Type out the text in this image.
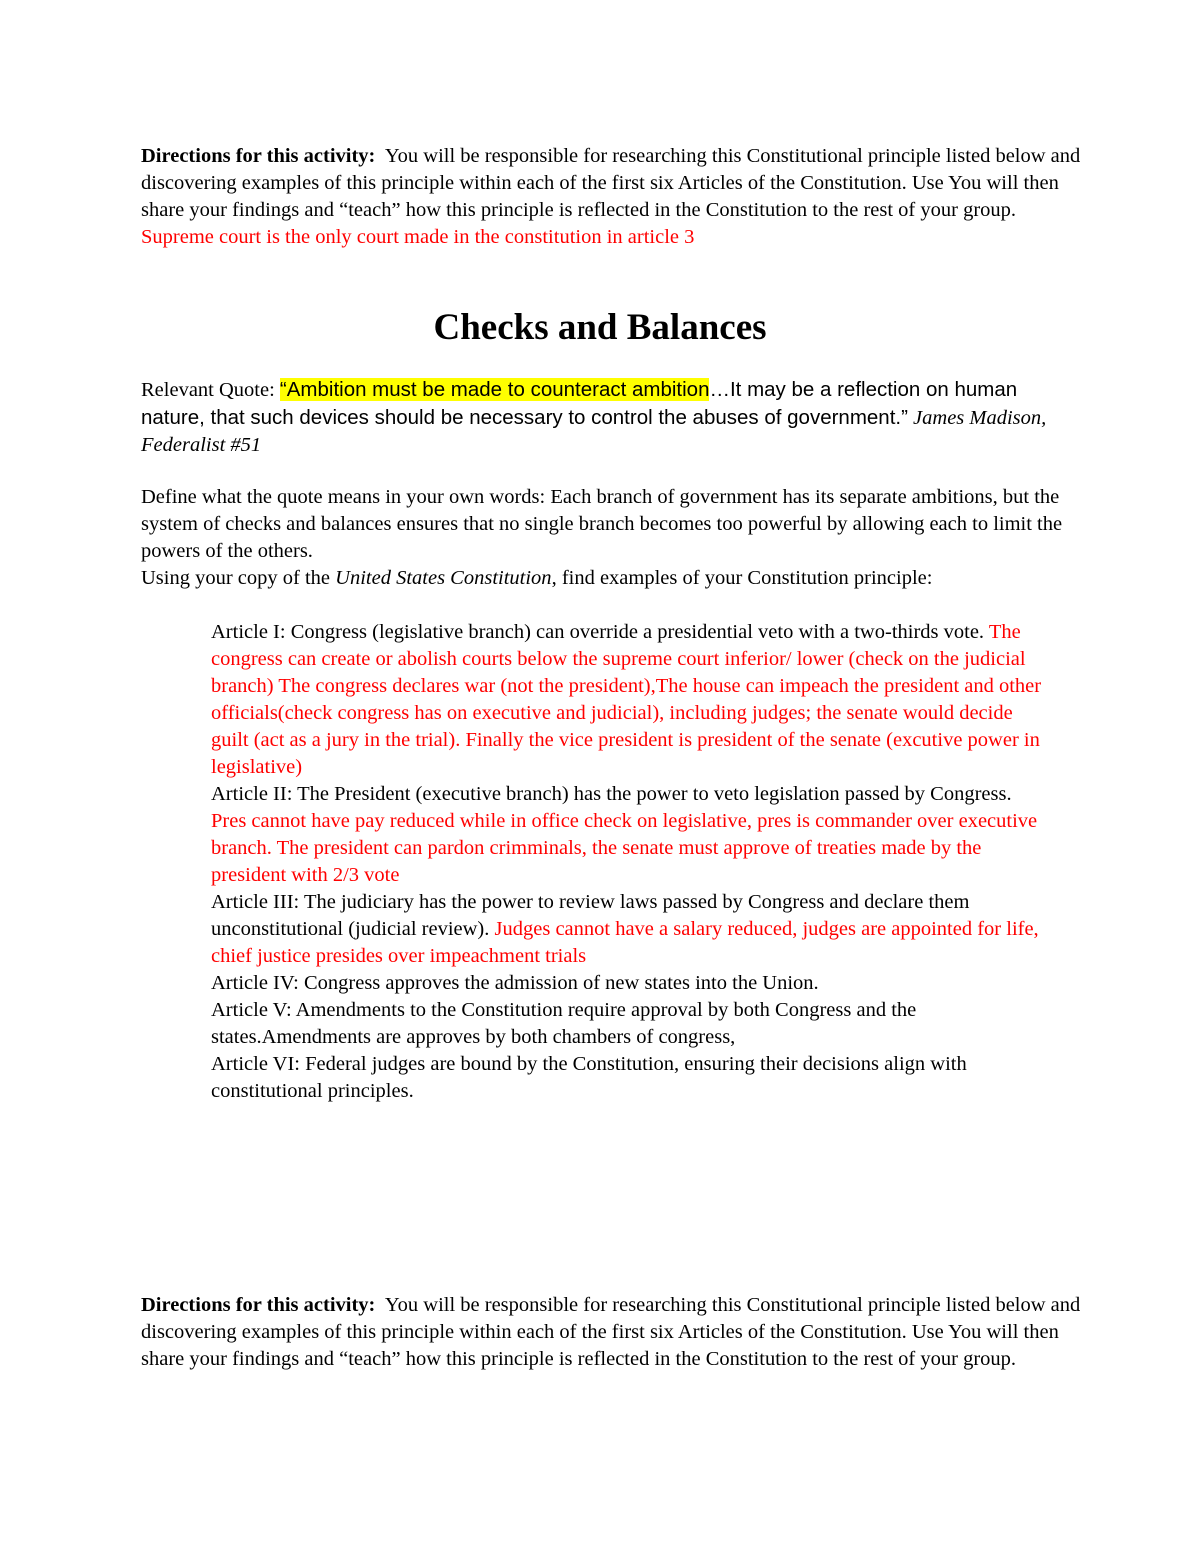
Directions for this activity: You will be responsible for researching this Constitutional principle listed below and discovering examples of this principle within each of the first six Articles of the Constitution. Use You will then share your findings and “teach” how this principle is reflected in the Constitution to the rest of your group.

Supreme court is the only court made in the constitution in article 3

Checks and Balances

Relevant Quote: “Ambition must be made to counteract ambition…It may be a reflection on human nature, that such devices should be necessary to control the abuses of government.” James Madison, Federalist #51

Define what the quote means in your own words: Each branch of government has its separate ambitions, but the system of checks and balances ensures that no single branch becomes too powerful by allowing each to limit the powers of the others.

Using your copy of the United States Constitution, find examples of your Constitution principle:

Article I: Congress (legislative branch) can override a presidential veto with a two-thirds vote. The congress can create or abolish courts below the supreme court inferior/ lower (check on the judicial branch) The congress declares war (not the president),The house can impeach the president and other officials(check congress has on executive and judicial), including judges; the senate would decide guilt (act as a jury in the trial). Finally the vice president is president of the senate (excutive power in legislative)

Article II: The President (executive branch) has the power to veto legislation passed by Congress. Pres cannot have pay reduced while in office check on legislative, pres is commander over executive branch. The president can pardon crimminals, the senate must approve of treaties made by the president with 2/3 vote

Article III: The judiciary has the power to review laws passed by Congress and declare them unconstitutional (judicial review). Judges cannot have a salary reduced, judges are appointed for life, chief justice presides over impeachment trials

Article IV: Congress approves the admission of new states into the Union.

Article V: Amendments to the Constitution require approval by both Congress and the states.Amendments are approves by both chambers of congress,

Article VI: Federal judges are bound by the Constitution, ensuring their decisions align with constitutional principles.

Directions for this activity: You will be responsible for researching this Constitutional principle listed below and discovering examples of this principle within each of the first six Articles of the Constitution. Use You will then share your findings and “teach” how this principle is reflected in the Constitution to the rest of your group.
